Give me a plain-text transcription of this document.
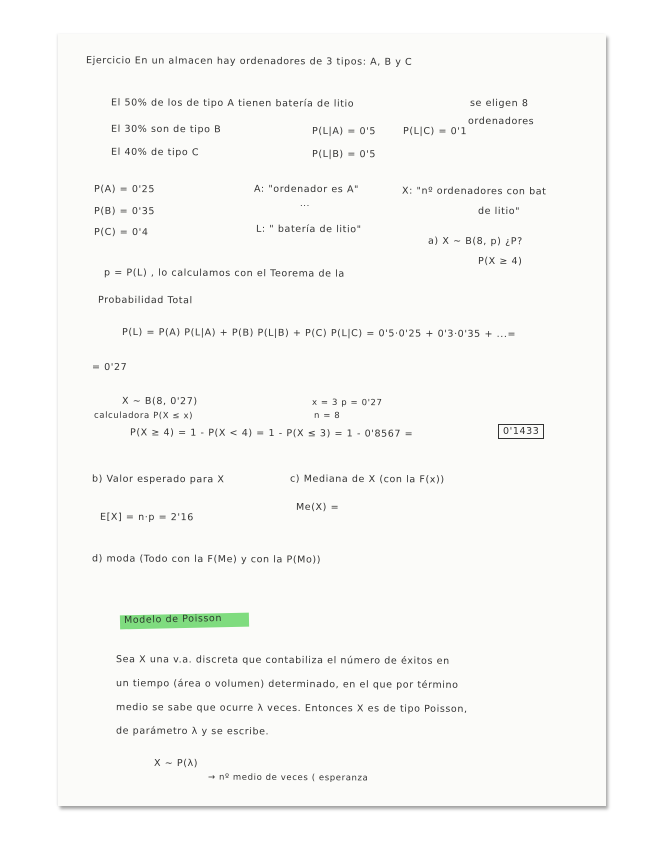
Ejercicio En un almacen hay ordenadores de 3 tipos: A, B y C
El 50% de los de tipo A tienen batería de litio	se eligen 8
El 30% son de tipo B	P(L|A) = 0'5	P(L|C) = 0'1
ordenadores
El 40% de tipo C	P(L|B) = 0'5
P(A) = 0'25	A: "ordenador es A"	X: "nº ordenadores con bat
de litio"
P(B) = 0'35
...
P(C) = 0'4	L: " batería de litio"
a) X ~ B(8, p) ¿P?
P(X ≥ 4)
p = P(L) , lo calculamos con el Teorema de la
Probabilidad Total
P(L) = P(A) P(L|A) + P(B) P(L|B) + P(C) P(L|C) = 0'5·0'25 + 0'3·0'35 + ...=
= 0'27
X ~ B(8, 0'27)	x = 3 p = 0'27
calculadora P(X ≤ x)	n = 8
P(X ≥ 4) = 1 - P(X < 4) = 1 - P(X ≤ 3) = 1 - 0'8567 =	0'1433
b) Valor esperado para X	c) Mediana de X (con la F(x))
Me(X) =
E[X] = n·p = 2'16
d) moda (Todo con la F(Me) y con la P(Mo))
Modelo de Poisson
Sea X una v.a. discreta que contabiliza el número de éxitos en
un tiempo (área o volumen) determinado, en el que por término
medio se sabe que ocurre λ veces. Entonces X es de tipo Poisson,
de parámetro λ y se escribe.
X ~ P(λ)
→ nº medio de veces ( esperanza
